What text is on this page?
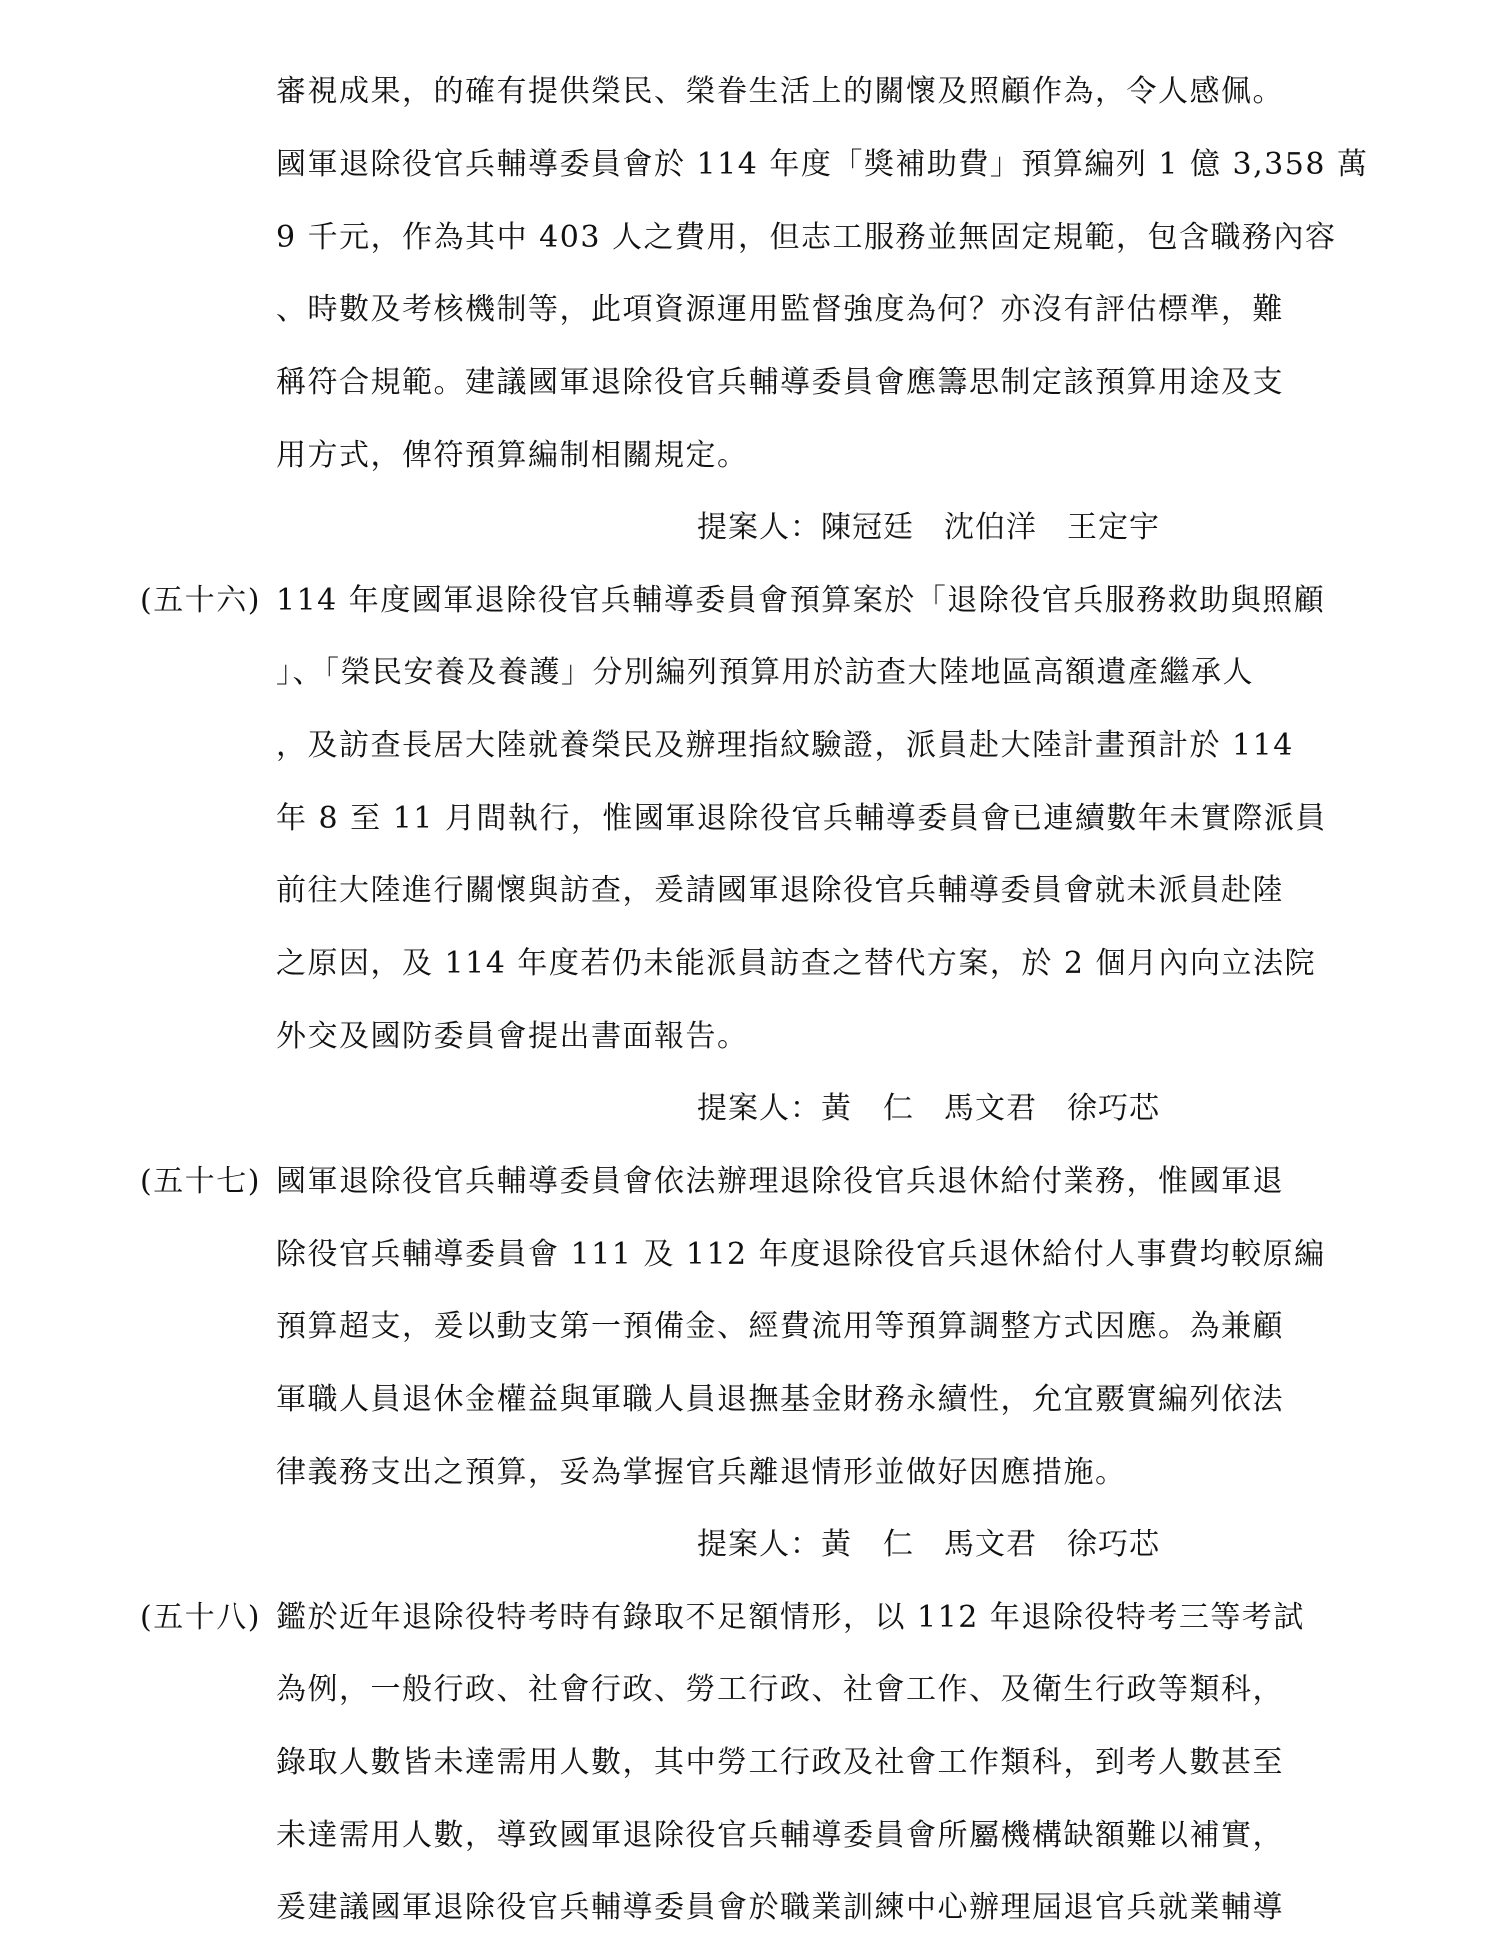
審視成果，的確有提供榮民、榮眷生活上的關懷及照顧作為，令人感佩。
國軍退除役官兵輔導委員會於 114 年度「獎補助費」預算編列 1 億 3,358 萬
9 千元，作為其中 403 人之費用，但志工服務並無固定規範，包含職務內容
、時數及考核機制等，此項資源運用監督強度為何？亦沒有評估標準，難
稱符合規範。建議國軍退除役官兵輔導委員會應籌思制定該預算用途及支
用方式，俾符預算編制相關規定。
提案人：陳冠廷 沈伯洋 王定宇
(五十六) 114 年度國軍退除役官兵輔導委員會預算案於「退除役官兵服務救助與照顧
」、「榮民安養及養護」分別編列預算用於訪查大陸地區高額遺產繼承人
，及訪查長居大陸就養榮民及辦理指紋驗證，派員赴大陸計畫預計於 114
年 8 至 11 月間執行，惟國軍退除役官兵輔導委員會已連續數年未實際派員
前往大陸進行關懷與訪查，爰請國軍退除役官兵輔導委員會就未派員赴陸
之原因，及 114 年度若仍未能派員訪查之替代方案，於 2 個月內向立法院
外交及國防委員會提出書面報告。
提案人：黃　仁 馬文君 徐巧芯
(五十七) 國軍退除役官兵輔導委員會依法辦理退除役官兵退休給付業務，惟國軍退
除役官兵輔導委員會 111 及 112 年度退除役官兵退休給付人事費均較原編
預算超支，爰以動支第一預備金、經費流用等預算調整方式因應。為兼顧
軍職人員退休金權益與軍職人員退撫基金財務永續性，允宜覈實編列依法
律義務支出之預算，妥為掌握官兵離退情形並做好因應措施。
提案人：黃　仁 馬文君 徐巧芯
(五十八) 鑑於近年退除役特考時有錄取不足額情形，以 112 年退除役特考三等考試
為例，一般行政、社會行政、勞工行政、社會工作、及衛生行政等類科，
錄取人數皆未達需用人數，其中勞工行政及社會工作類科，到考人數甚至
未達需用人數，導致國軍退除役官兵輔導委員會所屬機構缺額難以補實，
爰建議國軍退除役官兵輔導委員會於職業訓練中心辦理屆退官兵就業輔導
